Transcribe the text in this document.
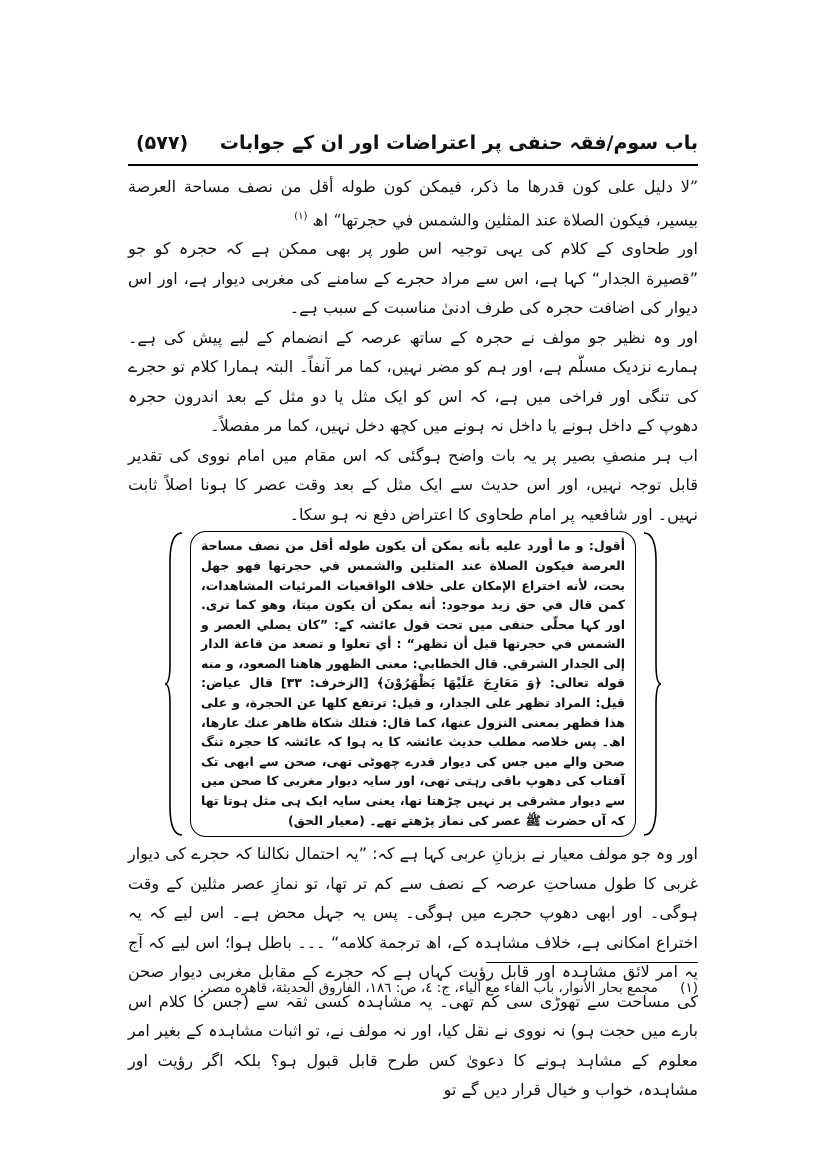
باب سوم/فقہ حنفی پر اعتراضات اور ان کے جوابات
(۵۷۷)

”لا دليل على كون قدرها ما ذكر، فيمكن كون طوله أقل من نصف مساحة العرصة بيسير، فيكون الصلاة عند المثلين والشمس في حجرتها“ اھ $^{(۱)}$

اور طحاوی کے کلام کی یہی توجیہ اس طور پر بھی ممکن ہے کہ حجرہ کو جو ”قصيرة الجدار“ کہا ہے، اس سے مراد حجرے کے سامنے کی مغربی دیوار ہے، اور اس دیوار کی اضافت حجرہ کی طرف ادنیٰ مناسبت کے سبب ہے۔

اور وہ نظیر جو مولف نے حجرہ کے ساتھ عرصہ کے انضمام کے لیے پیش کی ہے۔ ہمارے نزدیک مسلّم ہے، اور ہم کو مضر نہیں، کما مر آنفاً۔ البتہ ہمارا کلام تو حجرے کی تنگی اور فراخی میں ہے، کہ اس کو ایک مثل یا دو مثل کے بعد اندرون حجرہ دھوپ کے داخل ہونے یا داخل نہ ہونے میں کچھ دخل نہیں، کما مر مفصلاً۔

اب ہر منصفِ بصیر پر یہ بات واضح ہوگئی کہ اس مقام میں امام نووی کی تقدیر قابل توجہ نہیں، اور اس حدیث سے ایک مثل کے بعد وقت عصر کا ہونا اصلاً ثابت نہیں۔ اور شافعیہ پر امام طحاوی کا اعتراض دفع نہ ہو سکا۔

أقول: و ما أورد عليه بأنه يمكن أن يكون طوله أقل من نصف مساحة العرصة فيكون الصلاة عند المثلين والشمس في حجرتها فهو جهل بحت، لأنه اختراع الإمكان على خلاف الواقعيات المرئيات المشاهدات، كمن قال في حق زيد موجود: أنه يمكن أن يكون ميتا، وهو كما ترى. اور کہا محلّی حنفی میں تحت قول عائشہ کے: ”كان يصلي العصر و الشمس في حجرتها قبل أن تظهر“ : أي تعلوا و تصعد من قاعة الدار إلى الجدار الشرقي. قال الخطابي: معنى الظهور هاهنا الصعود، و منه قوله تعالى: ﴿وَ مَعَارِجَ عَلَيْهَا يَظْهَرُوْنَ﴾ [الزخرف: ٣٣] قال عياض: قيل: المراد تظهر على الجدار، و قيل: ترتفع كلها عن الحجرة، و على هذا فظهر بمعنى النزول عنها، كما قال: فتلك شكاة ظاهر عنك عارها، اھ۔ پس خلاصہ مطلب حدیث عائشہ کا یہ ہوا کہ عائشہ کا حجرہ تنگ صحن والے میں جس کی دیوار قدرے چھوٹی تھی، صحن سے ابھی تک آفتاب کی دھوپ باقی رہتی تھی، اور سایہ دیوار مغربی کا صحن میں سے دیوار مشرقی پر نہیں چڑھتا تھا، یعنی سایہ ایک ہی مثل ہوتا تھا کہ آں حضرت ﷺ عصر کی نماز پڑھتے تھے۔ (معیار الحق)

اور وہ جو مولف معیار نے بزبانِ عربی کہا ہے کہ: ”یہ احتمال نکالنا کہ حجرے کی دیوار غربی کا طول مساحتِ عرصہ کے نصف سے کم تر تھا، تو نمازِ عصر مثلین کے وقت ہوگی۔ اور ابھی دھوپ حجرے میں ہوگی۔ پس یہ جہل محض ہے۔ اس لیے کہ یہ اختراع امکانی ہے، خلاف مشاہدہ کے، اھ ترجمة كلامه“ ۔۔۔ باطل ہوا؛ اس لیے کہ آج یہ امر لائق مشاہدہ اور قابل رؤیت کہاں ہے کہ حجرے کے مقابل مغربی دیوار صحن کی مساحت سے تھوڑی سی کم تھی۔ یہ مشاہدہ کسی ثقہ سے (جس کا کلام اس بارے میں حجت ہو) نہ نووی نے نقل کیا، اور نہ مولف نے، تو اثبات مشاہدہ کے بغیر امر معلوم کے مشاہد ہونے کا دعویٰ کس طرح قابل قبول ہو؟ بلکہ اگر رؤیت اور مشاہدہ، خواب و خیال قرار دیں گے تو

(۱) مجمع بحار الأنوار، باب الفاء مع الياء، ج: ٤، ص: ١٨٦، الفاروق الحديثة، قاهره مصر.
